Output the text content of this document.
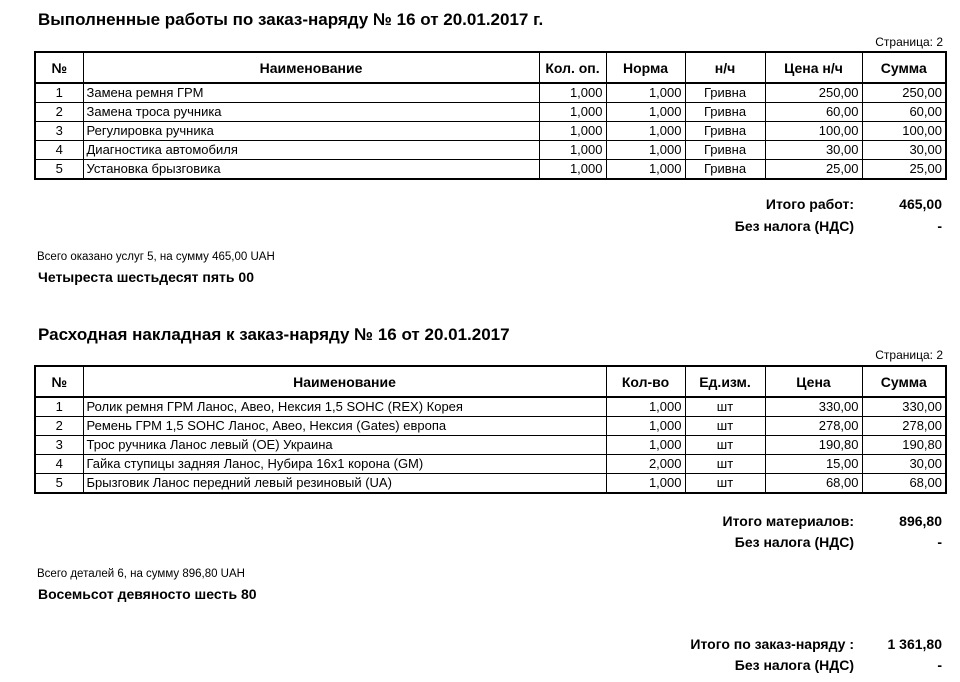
Выполненные работы по заказ-наряду № 16 от 20.01.2017 г.
Страница: 2
№	Наименование	Кол. оп.	Норма	н/ч	Цена н/ч	Сумма
1	Замена ремня ГРМ	1,000	1,000	Гривна	250,00	250,00
2	Замена троса ручника	1,000	1,000	Гривна	60,00	60,00
3	Регулировка ручника	1,000	1,000	Гривна	100,00	100,00
4	Диагностика автомобиля	1,000	1,000	Гривна	30,00	30,00
5	Установка брызговика	1,000	1,000	Гривна	25,00	25,00
Итого работ:	465,00
Без налога (НДС)	-
Всего оказано услуг 5, на сумму 465,00 UAH
Четыреста шестьдесят пять 00
Расходная накладная к заказ-наряду № 16 от 20.01.2017
Страница: 2
№	Наименование	Кол-во	Ед.изм.	Цена	Сумма
1	Ролик ремня ГРМ Ланос, Авео, Нексия 1,5 SOHC (REX) Корея	1,000	шт	330,00	330,00
2	Ремень ГРМ 1,5 SOHC Ланос, Авео, Нексия (Gates) европа	1,000	шт	278,00	278,00
3	Трос ручника Ланос левый (OE) Украина	1,000	шт	190,80	190,80
4	Гайка ступицы задняя Ланос, Нубира 16x1 корона (GM)	2,000	шт	15,00	30,00
5	Брызговик Ланос передний левый резиновый (UA)	1,000	шт	68,00	68,00
Итого материалов:	896,80
Без налога (НДС)	-
Всего деталей 6, на сумму 896,80 UAH
Восемьсот девяносто шесть 80
Итого по заказ-наряду : 1 361,80
Без налога (НДС)	-
